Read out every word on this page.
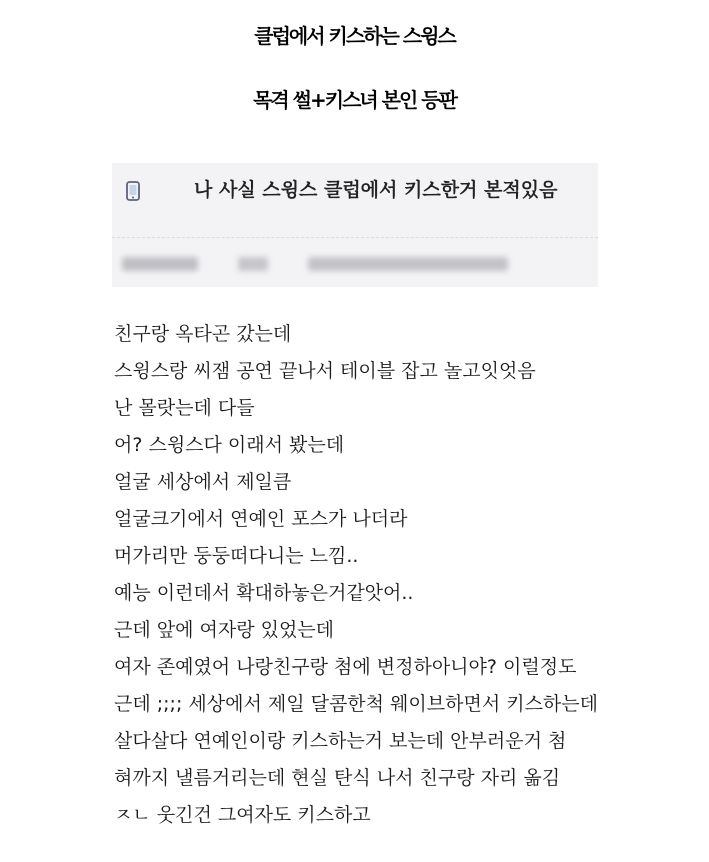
클럽에서 키스하는 스윙스
목격 썰+키스녀 본인 등판
나 사실 스윙스 클럽에서 키스한거 본적있음
친구랑 옥타곤 갔는데
스윙스랑 씨잼 공연 끝나서 테이블 잡고 놀고잇엇음
난 몰랏는데 다들
어? 스윙스다 이래서 봤는데
얼굴 세상에서 제일큼
얼굴크기에서 연예인 포스가 나더라
머가리만 둥둥떠다니는 느낌..
예능 이런데서 확대하놓은거같앗어..
근데 앞에 여자랑 있었는데
여자 존예였어 나랑친구랑 첨에 변정하아니야? 이럴정도
근데 ;;;; 세상에서 제일 달콤한척 웨이브하면서 키스하는데
살다살다 연예인이랑 키스하는거 보는데 안부러운거 첨
혀까지 낼름거리는데 현실 탄식 나서 친구랑 자리 옮김
ㅈㄴ 웃긴건 그여자도 키스하고
